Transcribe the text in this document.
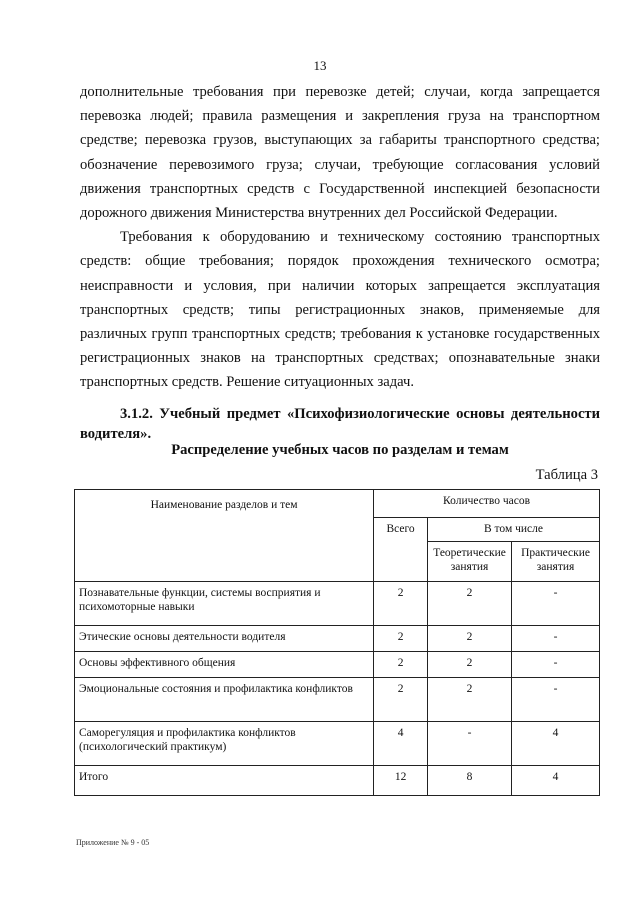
13

дополнительные требования при перевозке детей; случаи, когда запрещается перевозка людей; правила размещения и закрепления груза на транспортном средстве; перевозка грузов, выступающих за габариты транспортного средства; обозначение перевозимого груза; случаи, требующие согласования условий движения транспортных средств с Государственной инспекцией безопасности дорожного движения Министерства внутренних дел Российской Федерации.

Требования к оборудованию и техническому состоянию транспортных средств: общие требования; порядок прохождения технического осмотра; неисправности и условия, при наличии которых запрещается эксплуатация транспортных средств; типы регистрационных знаков, применяемые для различных групп транспортных средств; требования к установке государственных регистрационных знаков на транспортных средствах; опознавательные знаки транспортных средств. Решение ситуационных задач.

3.1.2. Учебный предмет «Психофизиологические основы деятельности водителя».
Распределение учебных часов по разделам и темам
Таблица 3
Наименование разделов и тем	Количество часов		
	Всего	В том числе	
		Теоретические занятия	Практические занятия
Познавательные функции, системы восприятия и психомоторные навыки	2	2	-
Этические основы деятельности водителя	2	2	-
Основы эффективного общения	2	2	-
Эмоциональные состояния и профилактика конфликтов	2	2	-
Саморегуляция и профилактика конфликтов (психологический практикум)	4	-	4
Итого	12	8	4
Приложение № 9 - 05
